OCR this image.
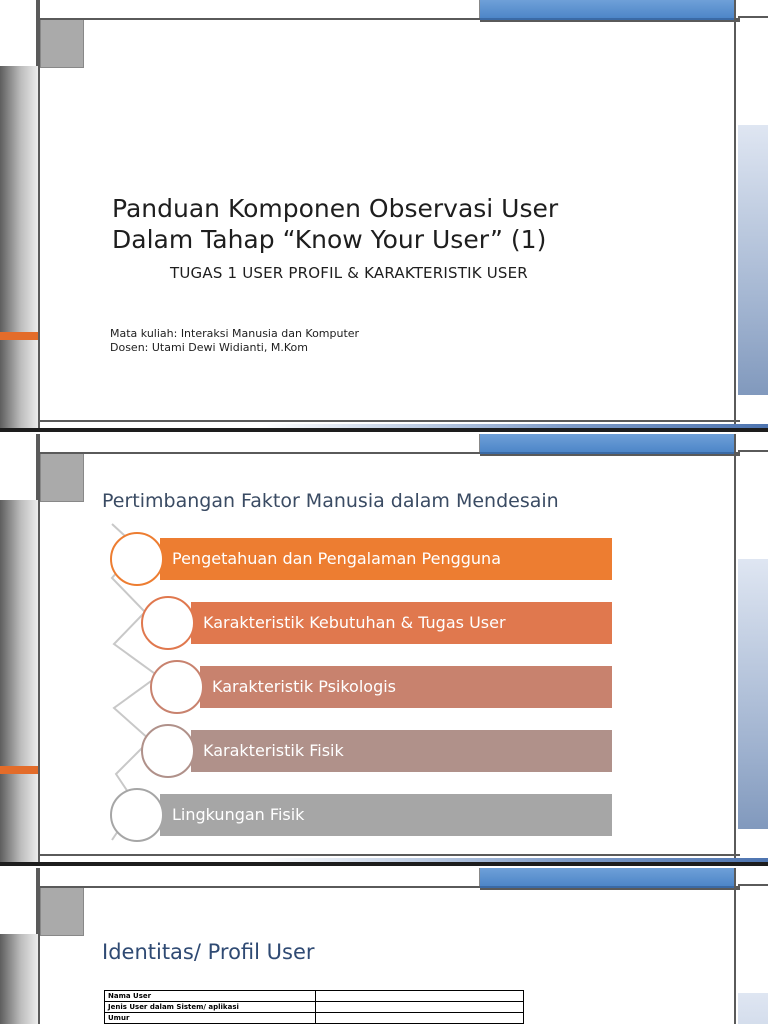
Panduan Komponen Observasi User
Dalam Tahap “Know Your User” (1)
TUGAS 1 USER PROFIL & KARAKTERISTIK USER
Mata kuliah: Interaksi Manusia dan Komputer
Dosen: Utami Dewi Widianti, M.Kom
Pertimbangan Faktor Manusia dalam Mendesain
Pengetahuan dan Pengalaman Pengguna
Karakteristik Kebutuhan & Tugas User
Karakteristik Psikologis
Karakteristik Fisik
Lingkungan Fisik
Identitas/ Profil User
Nama User	
Jenis User dalam Sistem/ aplikasi	
Umur	
